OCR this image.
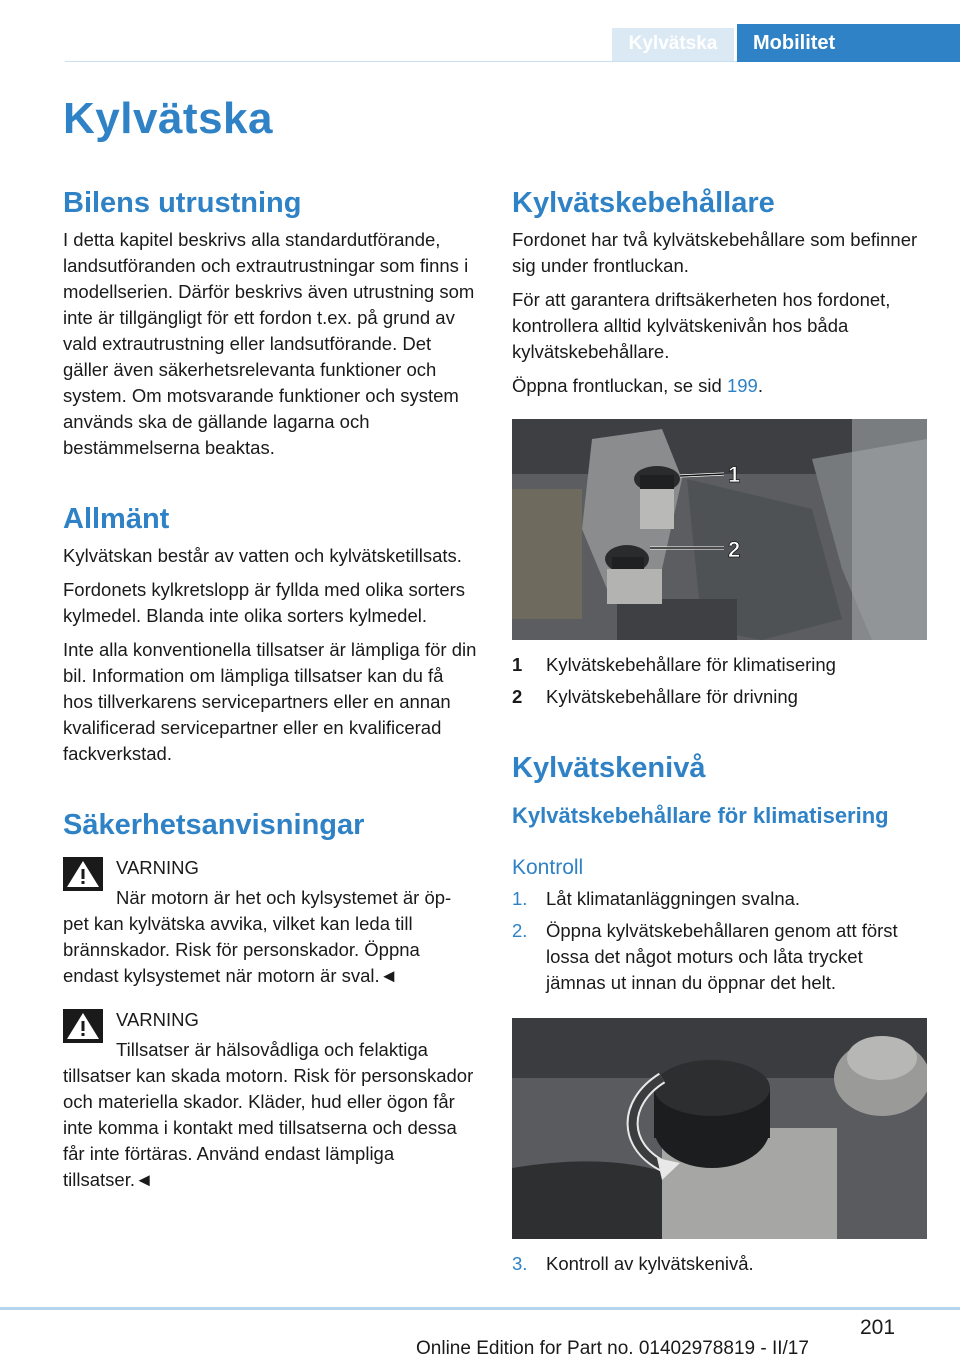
Kylvätska	Mobilitet
Kylvätska
Bilens utrustning

I detta kapitel beskrivs alla standardutförande, landsutföranden och extrautrustningar som finns i modellserien. Därför beskrivs även utrustning som inte är tillgängligt för ett fordon t.ex. på grund av vald extrautrustning eller landsutförande. Det gäller även säkerhetsrelevanta funktioner och system. Om motsvarande funktioner och system används ska de gällande lagarna och bestämmelserna beaktas.

Allmänt

Kylvätskan består av vatten och kylvätsketillsats.

Fordonets kylkretslopp är fyllda med olika sorters kylmedel. Blanda inte olika sorters kylmedel.

Inte alla konventionella tillsatser är lämpliga för din bil. Information om lämpliga tillsatser kan du få hos tillverkarens servicepartners eller en annan kvalificerad servicepartner eller en kvalificerad fackverkstad.

Säkerhetsanvisningar

VARNING

När motorn är het och kylsystemet är öp-

pet kan kylvätska avvika, vilket kan leda till brännskador. Risk för personskador. Öppna endast kylsystemet när motorn är sval.◄

VARNING

Tillsatser är hälsovådliga och felaktiga

tillsatser kan skada motorn. Risk för personskador och materiella skador. Kläder, hud eller ögon får inte komma i kontakt med tillsatserna och dessa får inte förtäras. Använd endast lämpliga tillsatser.◄

Kylvätskebehållare

Fordonet har två kylvätskebehållare som befinner sig under frontluckan.

För att garantera driftsäkerheten hos fordonet, kontrollera alltid kylvätskenivån hos båda kylvätskebehållare.

Öppna frontluckan, se sid 199.

1
2
1	Kylvätskebehållare för klimatisering
2	Kylvätskebehållare för drivning
Kylvätskenivå
Kylvätskebehållare för klimatisering
Kontroll
1.	Låt klimatanläggningen svalna.
2.	Öppna kylvätskebehållaren genom att först lossa det något moturs och låta trycket jämnas ut innan du öppnar det helt.
3.	Kontroll av kylvätskenivå.
201
Online Edition for Part no. 01402978819 - II/17
